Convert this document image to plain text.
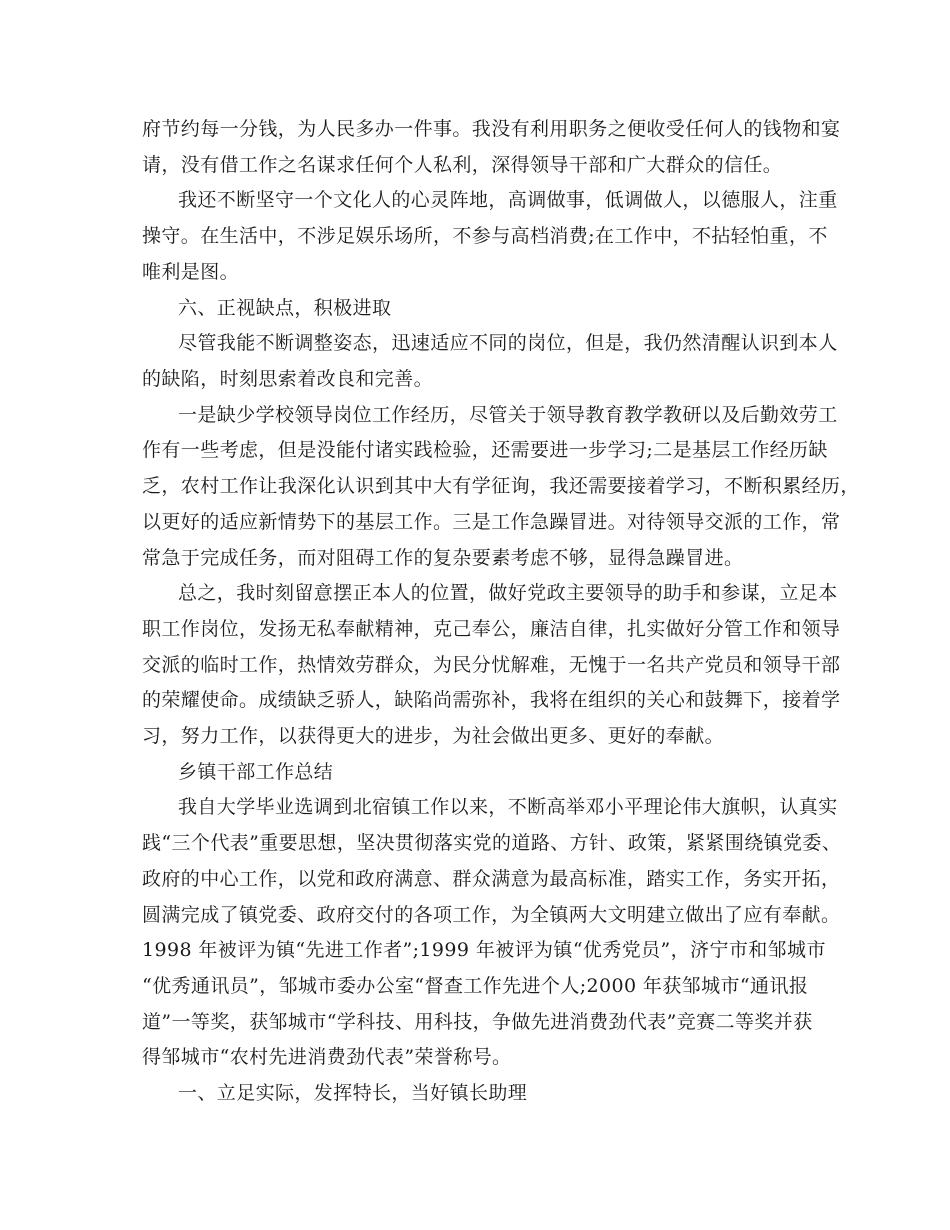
府节约每一分钱，为人民多办一件事。我没有利用职务之便收受任何人的钱物和宴
请，没有借工作之名谋求任何个人私利，深得领导干部和广大群众的信任。
我还不断坚守一个文化人的心灵阵地，高调做事，低调做人，以德服人，注重
操守。在生活中，不涉足娱乐场所，不参与高档消费;在工作中，不拈轻怕重，不
唯利是图。
六、正视缺点，积极进取
尽管我能不断调整姿态，迅速适应不同的岗位，但是，我仍然清醒认识到本人
的缺陷，时刻思索着改良和完善。
一是缺少学校领导岗位工作经历，尽管关于领导教育教学教研以及后勤效劳工
作有一些考虑，但是没能付诸实践检验，还需要进一步学习;二是基层工作经历缺
乏，农村工作让我深化认识到其中大有学征询，我还需要接着学习，不断积累经历，
以更好的适应新情势下的基层工作。三是工作急躁冒进。对待领导交派的工作，常
常急于完成任务，而对阻碍工作的复杂要素考虑不够，显得急躁冒进。
总之，我时刻留意摆正本人的位置，做好党政主要领导的助手和参谋，立足本
职工作岗位，发扬无私奉献精神，克己奉公，廉洁自律，扎实做好分管工作和领导
交派的临时工作，热情效劳群众，为民分忧解难，无愧于一名共产党员和领导干部
的荣耀使命。成绩缺乏骄人，缺陷尚需弥补，我将在组织的关心和鼓舞下，接着学
习，努力工作，以获得更大的进步，为社会做出更多、更好的奉献。
乡镇干部工作总结
我自大学毕业选调到北宿镇工作以来，不断高举邓小平理论伟大旗帜，认真实
践“三个代表”重要思想，坚决贯彻落实党的道路、方针、政策，紧紧围绕镇党委、
政府的中心工作，以党和政府满意、群众满意为最高标准，踏实工作，务实开拓，
圆满完成了镇党委、政府交付的各项工作，为全镇两大文明建立做出了应有奉献。
1998 年被评为镇“先进工作者”;1999 年被评为镇“优秀党员”，济宁市和邹城市
“优秀通讯员”，邹城市委办公室“督查工作先进个人;2000 年获邹城市“通讯报
道”一等奖，获邹城市“学科技、用科技，争做先进消费劲代表”竞赛二等奖并获
得邹城市“农村先进消费劲代表”荣誉称号。
一、立足实际，发挥特长，当好镇长助理
